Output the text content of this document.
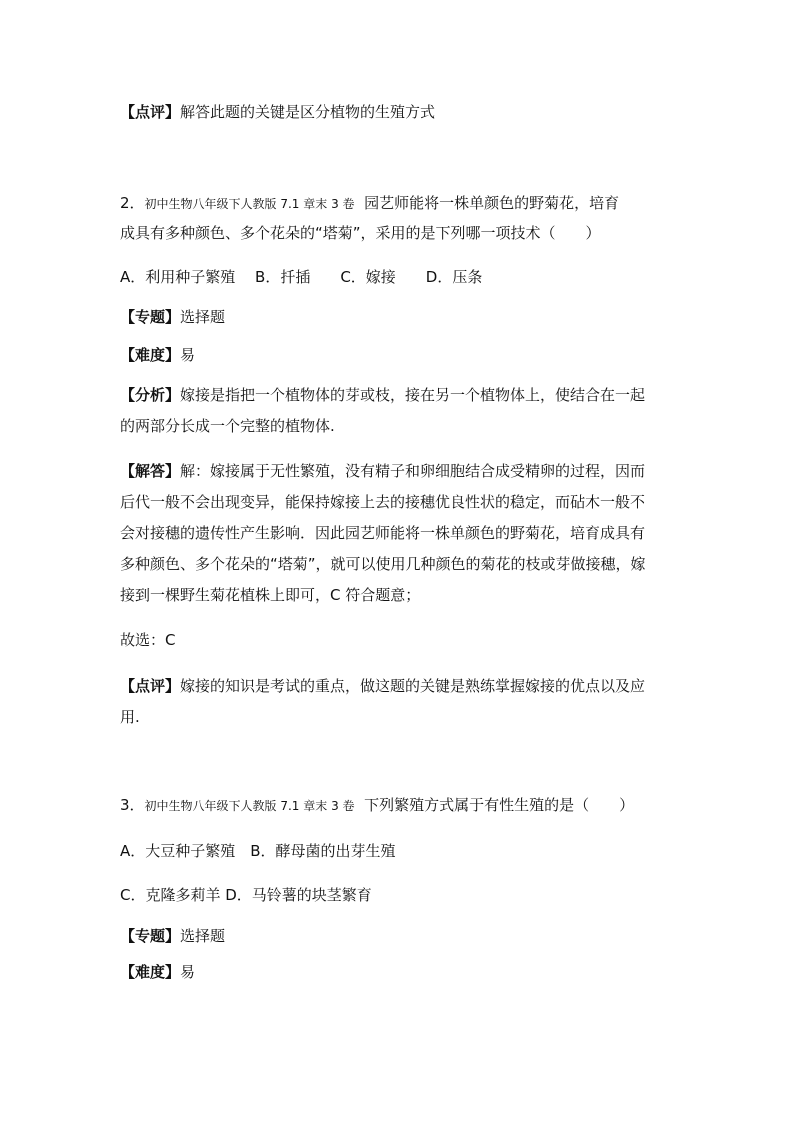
【点评】解答此题的关键是区分植物的生殖方式
2．初中生物八年级下人教版 7.1 章末 3 卷 园艺师能将一株单颜色的野菊花，培育
成具有多种颜色、多个花朵的“塔菊”，采用的是下列哪一项技术（　　）
A．利用种子繁殖　 B．扦插　　C．嫁接　　D．压条
【专题】选择题
【难度】易
【分析】嫁接是指把一个植物体的芽或枝，接在另一个植物体上，使结合在一起
的两部分长成一个完整的植物体.
【解答】解：嫁接属于无性繁殖，没有精子和卵细胞结合成受精卵的过程，因而
后代一般不会出现变异，能保持嫁接上去的接穗优良性状的稳定，而砧木一般不
会对接穗的遗传性产生影响．因此园艺师能将一株单颜色的野菊花，培育成具有
多种颜色、多个花朵的“塔菊”，就可以使用几种颜色的菊花的枝或芽做接穗，嫁
接到一棵野生菊花植株上即可，C 符合题意；
故选：C
【点评】嫁接的知识是考试的重点，做这题的关键是熟练掌握嫁接的优点以及应
用.
3．初中生物八年级下人教版 7.1 章末 3 卷 下列繁殖方式属于有性生殖的是（　　）
A．大豆种子繁殖　B．酵母菌的出芽生殖
C．克隆多莉羊 D．马铃薯的块茎繁育
【专题】选择题
【难度】易
